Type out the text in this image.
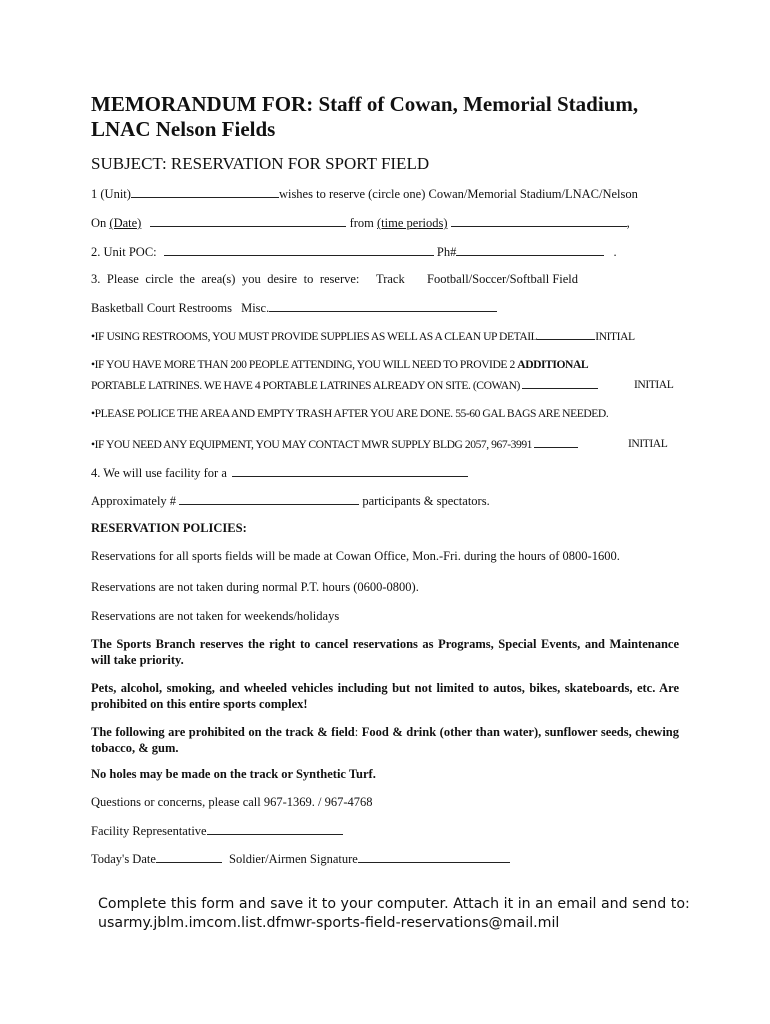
MEMORANDUM FOR: Staff of Cowan, Memorial Stadium, LNAC Nelson Fields
SUBJECT: RESERVATION FOR SPORT FIELD
1 (Unit)	wishes to reserve (circle one) Cowan/Memorial Stadium/LNAC/Nelson
On (Date)	from (time periods)	,
2. Unit POC:	Ph#	.
3. Please circle the area(s) you desire to reserve: Track Football/Soccer/Softball Field
Basketball Court Restrooms Misc.
•IF USING RESTROOMS, YOU MUST PROVIDE SUPPLIES AS WELL AS A CLEAN UP DETAIL	INITIAL
•IF YOU HAVE MORE THAN 200 PEOPLE ATTENDING, YOU WILL NEED TO PROVIDE 2 ADDITIONAL
PORTABLE LATRINES. WE HAVE 4 PORTABLE LATRINES ALREADY ON SITE. (COWAN)	INITIAL
•PLEASE POLICE THE AREA AND EMPTY TRASH AFTER YOU ARE DONE. 55-60 GAL BAGS ARE NEEDED.
•IF YOU NEED ANY EQUIPMENT, YOU MAY CONTACT MWR SUPPLY BLDG 2057, 967-3991	INITIAL
4. We will use facility for a
Approximately #	participants & spectators.
RESERVATION POLICIES:
Reservations for all sports fields will be made at Cowan Office, Mon.-Fri. during the hours of 0800-1600.
Reservations are not taken during normal P.T. hours (0600-0800).
Reservations are not taken for weekends/holidays
The Sports Branch reserves the right to cancel reservations as Programs, Special Events, and Maintenance will take priority.
Pets, alcohol, smoking, and wheeled vehicles including but not limited to autos, bikes, skateboards, etc. Are prohibited on this entire sports complex!
The following are prohibited on the track & field: Food & drink (other than water), sunflower seeds, chewing tobacco, & gum.
No holes may be made on the track or Synthetic Turf.
Questions or concerns, please call 967-1369. / 967-4768
Facility Representative
Today's Date	Soldier/Airmen Signature
Complete this form and save it to your computer. Attach it in an email and send to:
usarmy.jblm.imcom.list.dfmwr-sports-field-reservations@mail.mil
